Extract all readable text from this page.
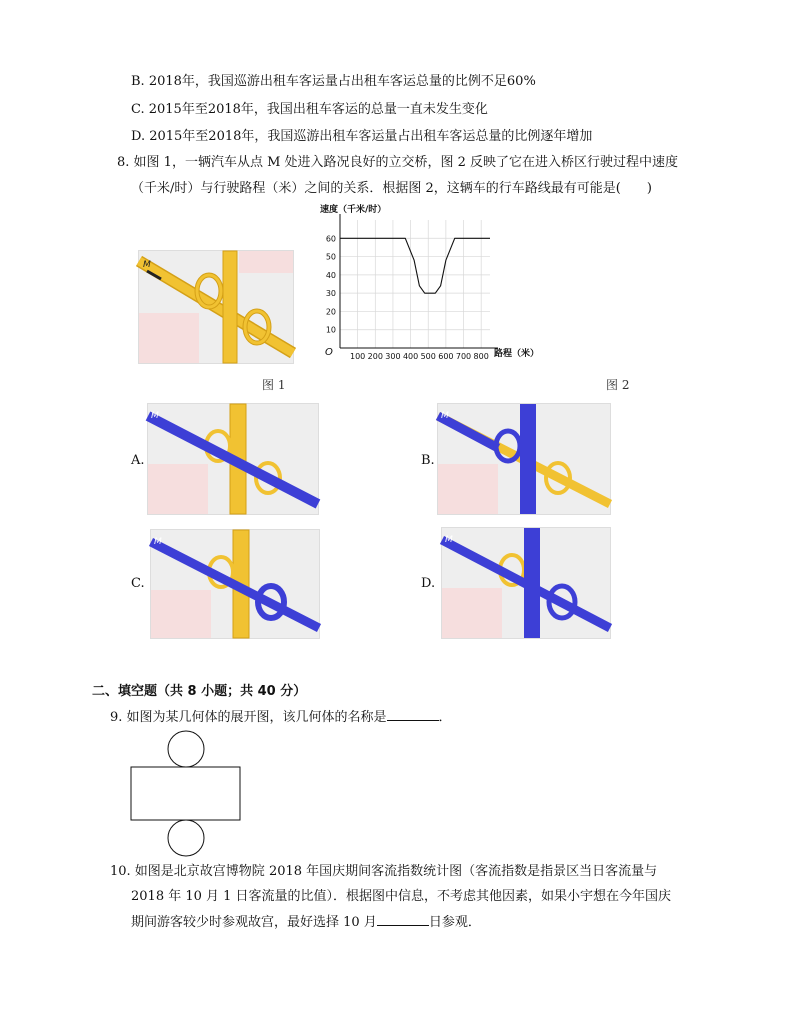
B. 2018年，我国巡游出租车客运量占出租车客运总量的比例不足60%
C. 2015年至2018年，我国出租车客运的总量一直未发生变化
D. 2015年至2018年，我国巡游出租车客运量占出租车客运总量的比例逐年增加
8. 如图 1，一辆汽车从点 M 处进入路况良好的立交桥，图 2 反映了它在进入桥区行驶过程中速度
（千米/时）与行驶路程（米）之间的关系．根据图 2，这辆车的行车路线最有可能是(　　)
M
图 1
100 200 300 400 500 600 700 800
10
20
30
40
50
60
速度（千米/时）
路程（米）
O
图 2
A.
M
B.
M
C.
M
D.
M
二、填空题（共 8 小题；共 40 分）
9. 如图为某几何体的展开图，该几何体的名称是	．
10. 如图是北京故宫博物院 2018 年国庆期间客流指数统计图（客流指数是指景区当日客流量与
2018 年 10 月 1 日客流量的比值）．根据图中信息，不考虑其他因素，如果小宇想在今年国庆
期间游客较少时参观故宫，最好选择 10 月	日参观．
